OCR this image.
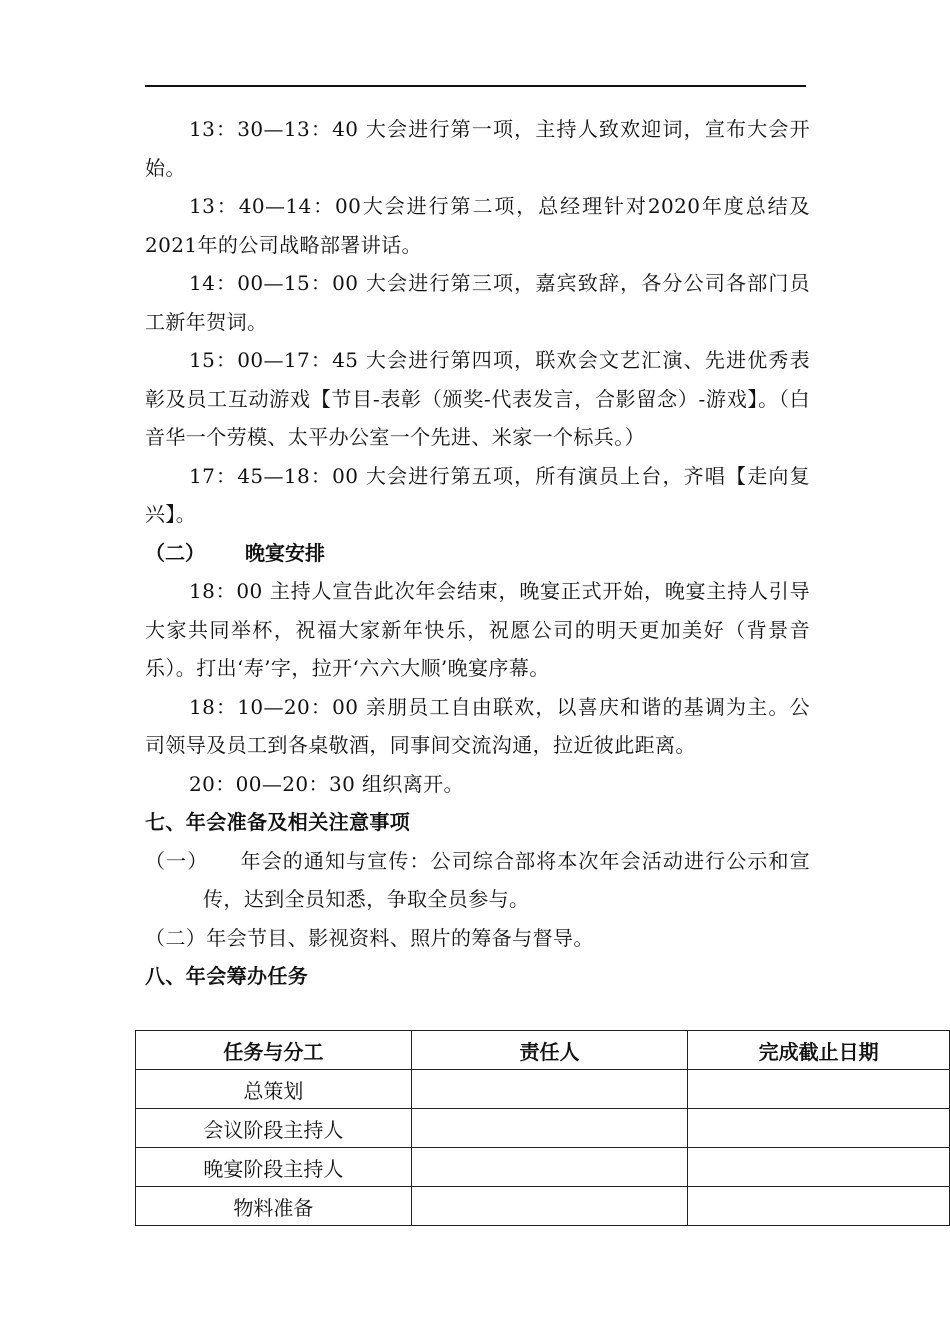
13：30—13：40 大会进行第一项，主持人致欢迎词，宣布大会开始。

13：40—14：00大会进行第二项，总经理针对2020年度总结及2021年的公司战略部署讲话。

14：00—15：00 大会进行第三项，嘉宾致辞，各分公司各部门员工新年贺词。

15：00—17：45 大会进行第四项，联欢会文艺汇演、先进优秀表彰及员工互动游戏【节目-表彰（颁奖-代表发言，合影留念）-游戏】。（白音华一个劳模、太平办公室一个先进、米家一个标兵。）

17：45—18：00 大会进行第五项，所有演员上台，齐唱【走向复兴】。

（二） 晚宴安排

18：00 主持人宣告此次年会结束，晚宴正式开始，晚宴主持人引导大家共同举杯，祝福大家新年快乐，祝愿公司的明天更加美好（背景音乐）。打出‘寿’字，拉开‘六六大顺’晚宴序幕。

18：10—20：00 亲朋员工自由联欢，以喜庆和谐的基调为主。公司领导及员工到各桌敬酒，同事间交流沟通，拉近彼此距离。

20：00—20：30 组织离开。

七、年会准备及相关注意事项

（一）　　年会的通知与宣传：公司综合部将本次年会活动进行公示和宣传，达到全员知悉，争取全员参与。

（二）年会节目、影视资料、照片的筹备与督导。

八、年会筹办任务

任务与分工	责任人	完成截止日期
总策划		
会议阶段主持人		
晚宴阶段主持人		
物料准备		
